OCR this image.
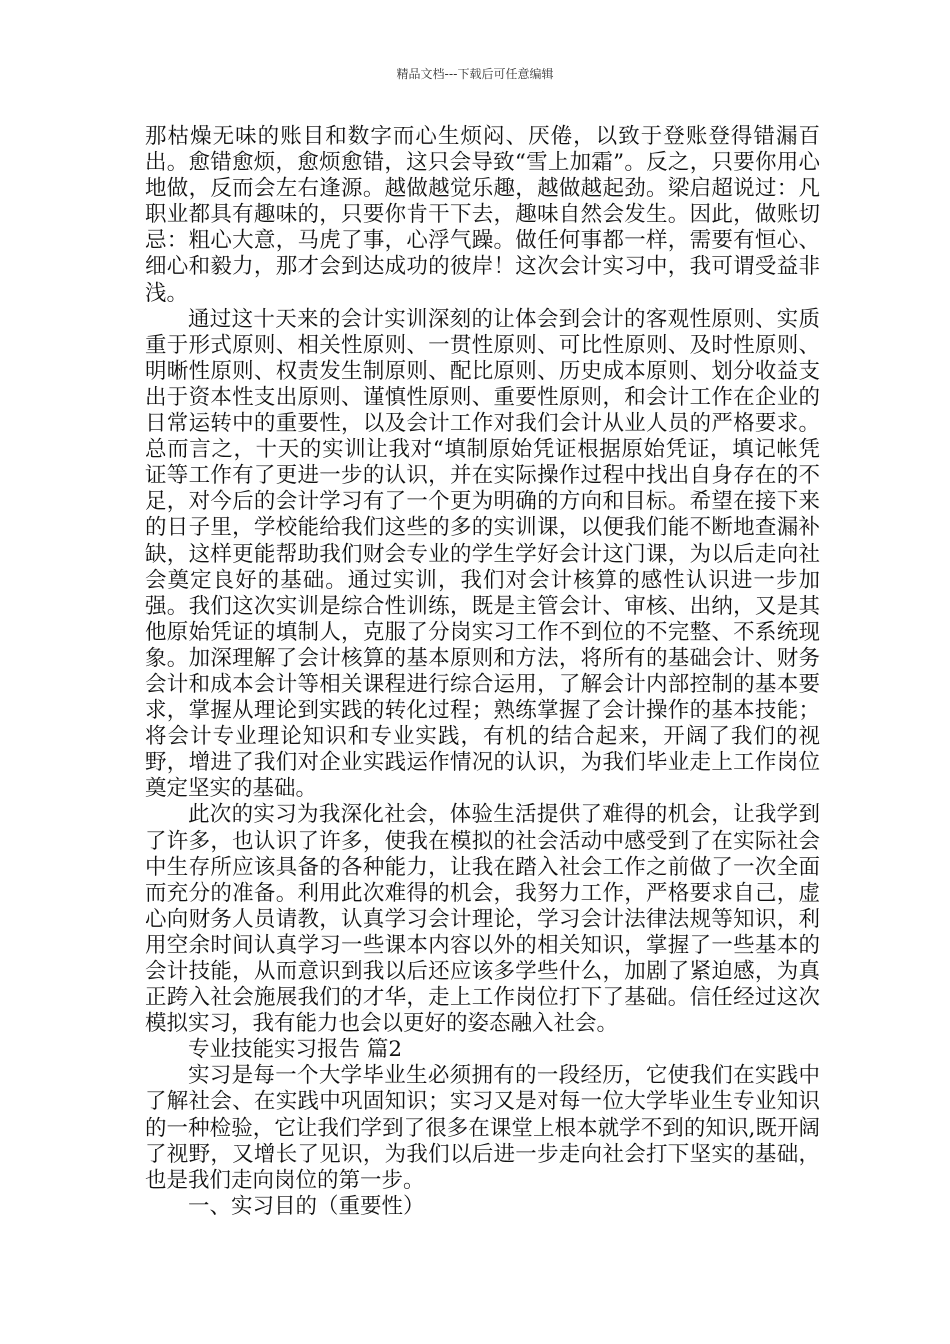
精品文档---下载后可任意编辑

那枯燥无味的账目和数字而心生烦闷、厌倦，以致于登账登得错漏百出。愈错愈烦，愈烦愈错，这只会导致“雪上加霜”。反之，只要你用心地做，反而会左右逢源。越做越觉乐趣，越做越起劲。梁启超说过：凡职业都具有趣味的，只要你肯干下去，趣味自然会发生。因此，做账切忌：粗心大意，马虎了事，心浮气躁。做任何事都一样，需要有恒心、细心和毅力，那才会到达成功的彼岸！这次会计实习中，我可谓受益非浅。

通过这十天来的会计实训深刻的让体会到会计的客观性原则、实质重于形式原则、相关性原则、一贯性原则、可比性原则、及时性原则、明晰性原则、权责发生制原则、配比原则、历史成本原则、划分收益支出于资本性支出原则、谨慎性原则、重要性原则，和会计工作在企业的日常运转中的重要性，以及会计工作对我们会计从业人员的严格要求。总而言之，十天的实训让我对“填制原始凭证根据原始凭证，填记帐凭证等工作有了更进一步的认识，并在实际操作过程中找出自身存在的不足，对今后的会计学习有了一个更为明确的方向和目标。希望在接下来的日子里，学校能给我们这些的多的实训课，以便我们能不断地查漏补缺，这样更能帮助我们财会专业的学生学好会计这门课，为以后走向社会奠定良好的基础。通过实训，我们对会计核算的感性认识进一步加强。我们这次实训是综合性训练，既是主管会计、审核、出纳，又是其他原始凭证的填制人，克服了分岗实习工作不到位的不完整、不系统现象。加深理解了会计核算的基本原则和方法，将所有的基础会计、财务会计和成本会计等相关课程进行综合运用，了解会计内部控制的基本要求，掌握从理论到实践的转化过程；熟练掌握了会计操作的基本技能；将会计专业理论知识和专业实践，有机的结合起来，开阔了我们的视野，增进了我们对企业实践运作情况的认识，为我们毕业走上工作岗位奠定坚实的基础。

此次的实习为我深化社会，体验生活提供了难得的机会，让我学到了许多，也认识了许多，使我在模拟的社会活动中感受到了在实际社会中生存所应该具备的各种能力，让我在踏入社会工作之前做了一次全面而充分的准备。利用此次难得的机会，我努力工作，严格要求自己，虚心向财务人员请教，认真学习会计理论，学习会计法律法规等知识，利用空余时间认真学习一些课本内容以外的相关知识，掌握了一些基本的会计技能，从而意识到我以后还应该多学些什么，加剧了紧迫感，为真正跨入社会施展我们的才华，走上工作岗位打下了基础。信任经过这次模拟实习，我有能力也会以更好的姿态融入社会。

专业技能实习报告 篇2

实习是每一个大学毕业生必须拥有的一段经历，它使我们在实践中了解社会、在实践中巩固知识；实习又是对每一位大学毕业生专业知识的一种检验，它让我们学到了很多在课堂上根本就学不到的知识,既开阔了视野，又增长了见识，为我们以后进一步走向社会打下坚实的基础，也是我们走向岗位的第一步。

一、实习目的（重要性）
